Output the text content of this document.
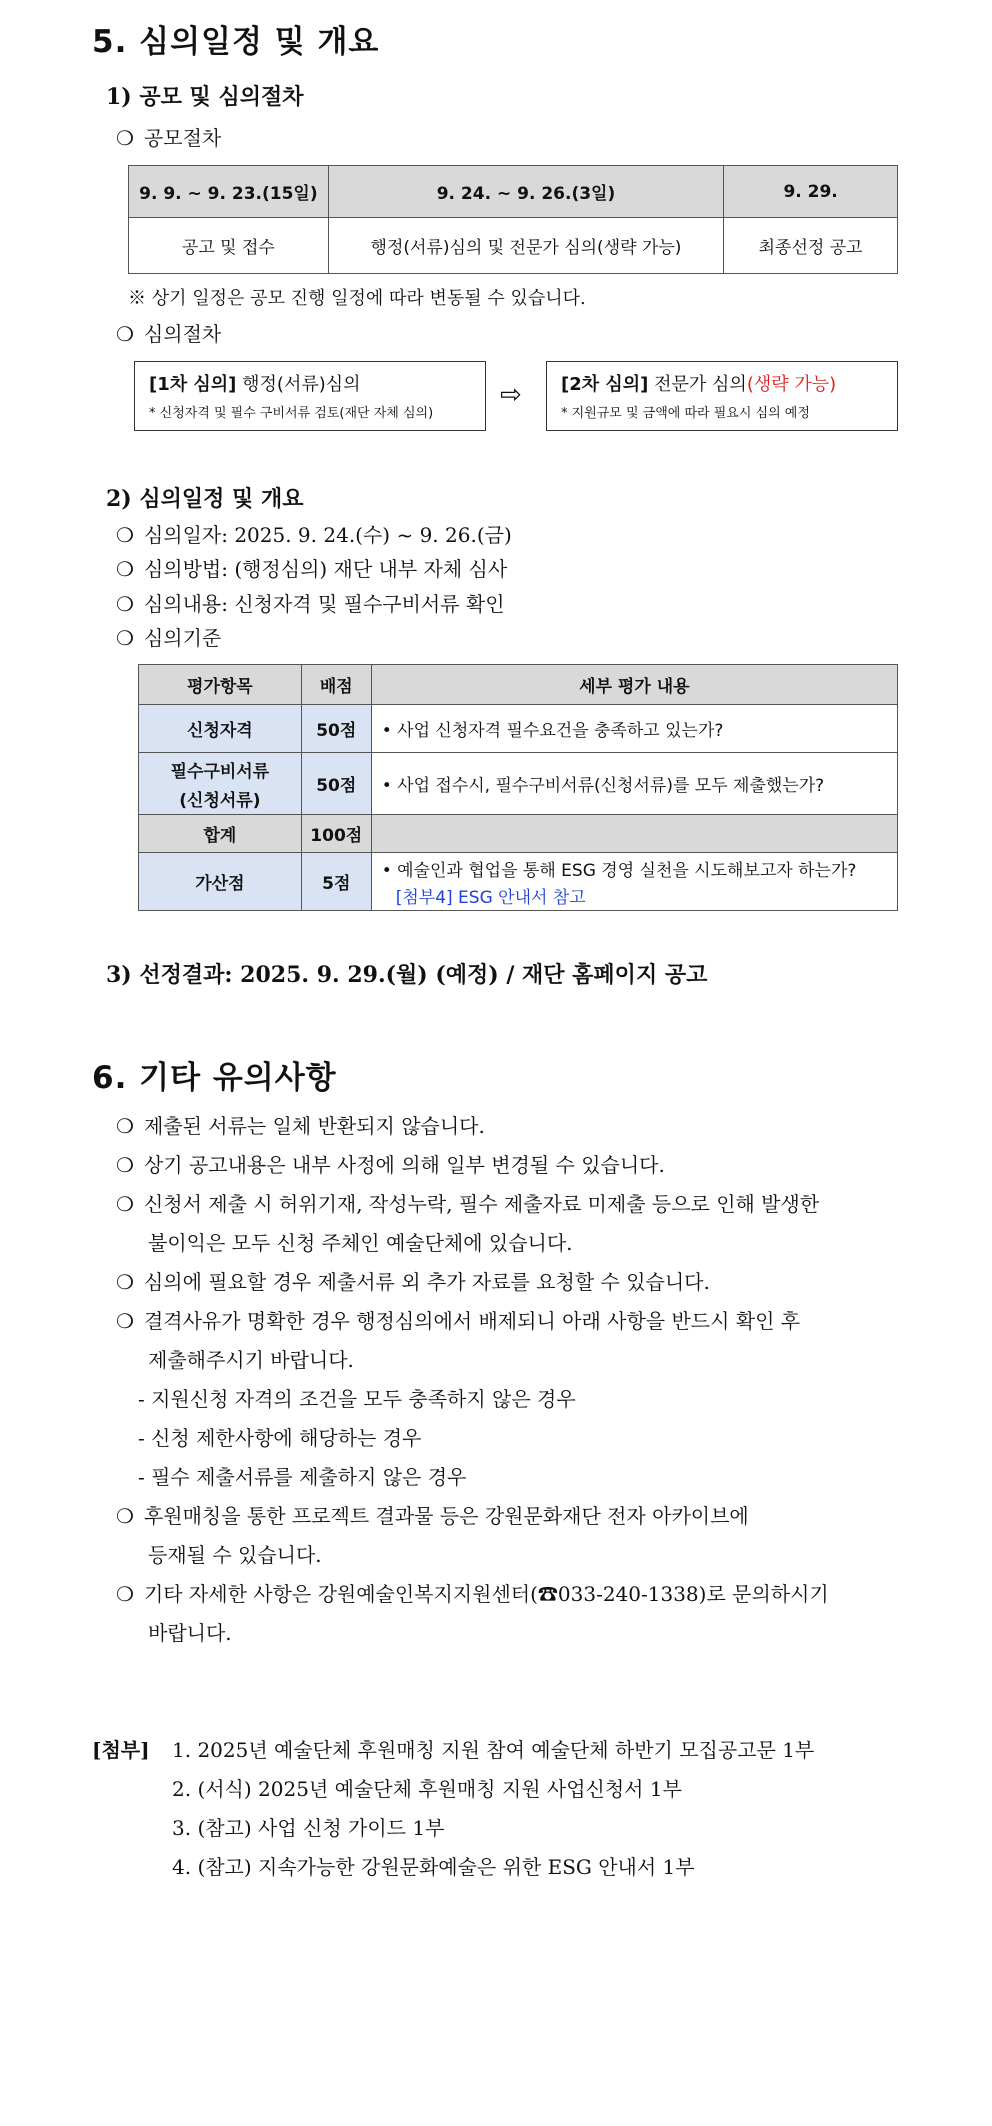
5. 심의일정 및 개요
1) 공모 및 심의절차
❍ 공모절차
9. 9. ~ 9. 23.(15일)	9. 24. ~ 9. 26.(3일)	9. 29.
공고 및 접수	행정(서류)심의 및 전문가 심의(생략 가능)	최종선정 공고
※ 상기 일정은 공모 진행 일정에 따라 변동될 수 있습니다.
❍ 심의절차
[1차 심의] 행정(서류)심의
* 신청자격 및 필수 구비서류 검토(재단 자체 심의)
⇨ [2차 심의] 전문가 심의(생략 가능)
* 지원규모 및 금액에 따라 필요시 심의 예정
2) 심의일정 및 개요
❍ 심의일자: 2025. 9. 24.(수) ~ 9. 26.(금)
❍ 심의방법: (행정심의) 재단 내부 자체 심사
❍ 심의내용: 신청자격 및 필수구비서류 확인
❍ 심의기준
평가항목	배점	세부 평가 내용
신청자격	50점	• 사업 신청자격 필수요건을 충족하고 있는가?

필수구비서류
(신청서류)	50점	• 사업 접수시, 필수구비서류(신청서류)를 모두 제출했는가?
합계	100점	
가산점	5점	• 예술인과 협업을 통해 ESG 경영 실천을 시도해보고자 하는가?
[첨부4] ESG 안내서 참고
3) 선정결과: 2025. 9. 29.(월) (예정) / 재단 홈페이지 공고
6. 기타 유의사항
❍ 제출된 서류는 일체 반환되지 않습니다.
❍ 상기 공고내용은 내부 사정에 의해 일부 변경될 수 있습니다.
❍ 신청서 제출 시 허위기재, 작성누락, 필수 제출자료 미제출 등으로 인해 발생한
불이익은 모두 신청 주체인 예술단체에 있습니다.
❍ 심의에 필요할 경우 제출서류 외 추가 자료를 요청할 수 있습니다.
❍ 결격사유가 명확한 경우 행정심의에서 배제되니 아래 사항을 반드시 확인 후
제출해주시기 바랍니다.
- 지원신청 자격의 조건을 모두 충족하지 않은 경우
- 신청 제한사항에 해당하는 경우
- 필수 제출서류를 제출하지 않은 경우
❍ 후원매칭을 통한 프로젝트 결과물 등은 강원문화재단 전자 아카이브에
등재될 수 있습니다.
❍ 기타 자세한 사항은 강원예술인복지지원센터(☎033-240-1338)로 문의하시기
바랍니다.
[첨부] 1. 2025년 예술단체 후원매칭 지원 참여 예술단체 하반기 모집공고문 1부
2. (서식) 2025년 예술단체 후원매칭 지원 사업신청서 1부
3. (참고) 사업 신청 가이드 1부
4. (참고) 지속가능한 강원문화예술은 위한 ESG 안내서 1부
